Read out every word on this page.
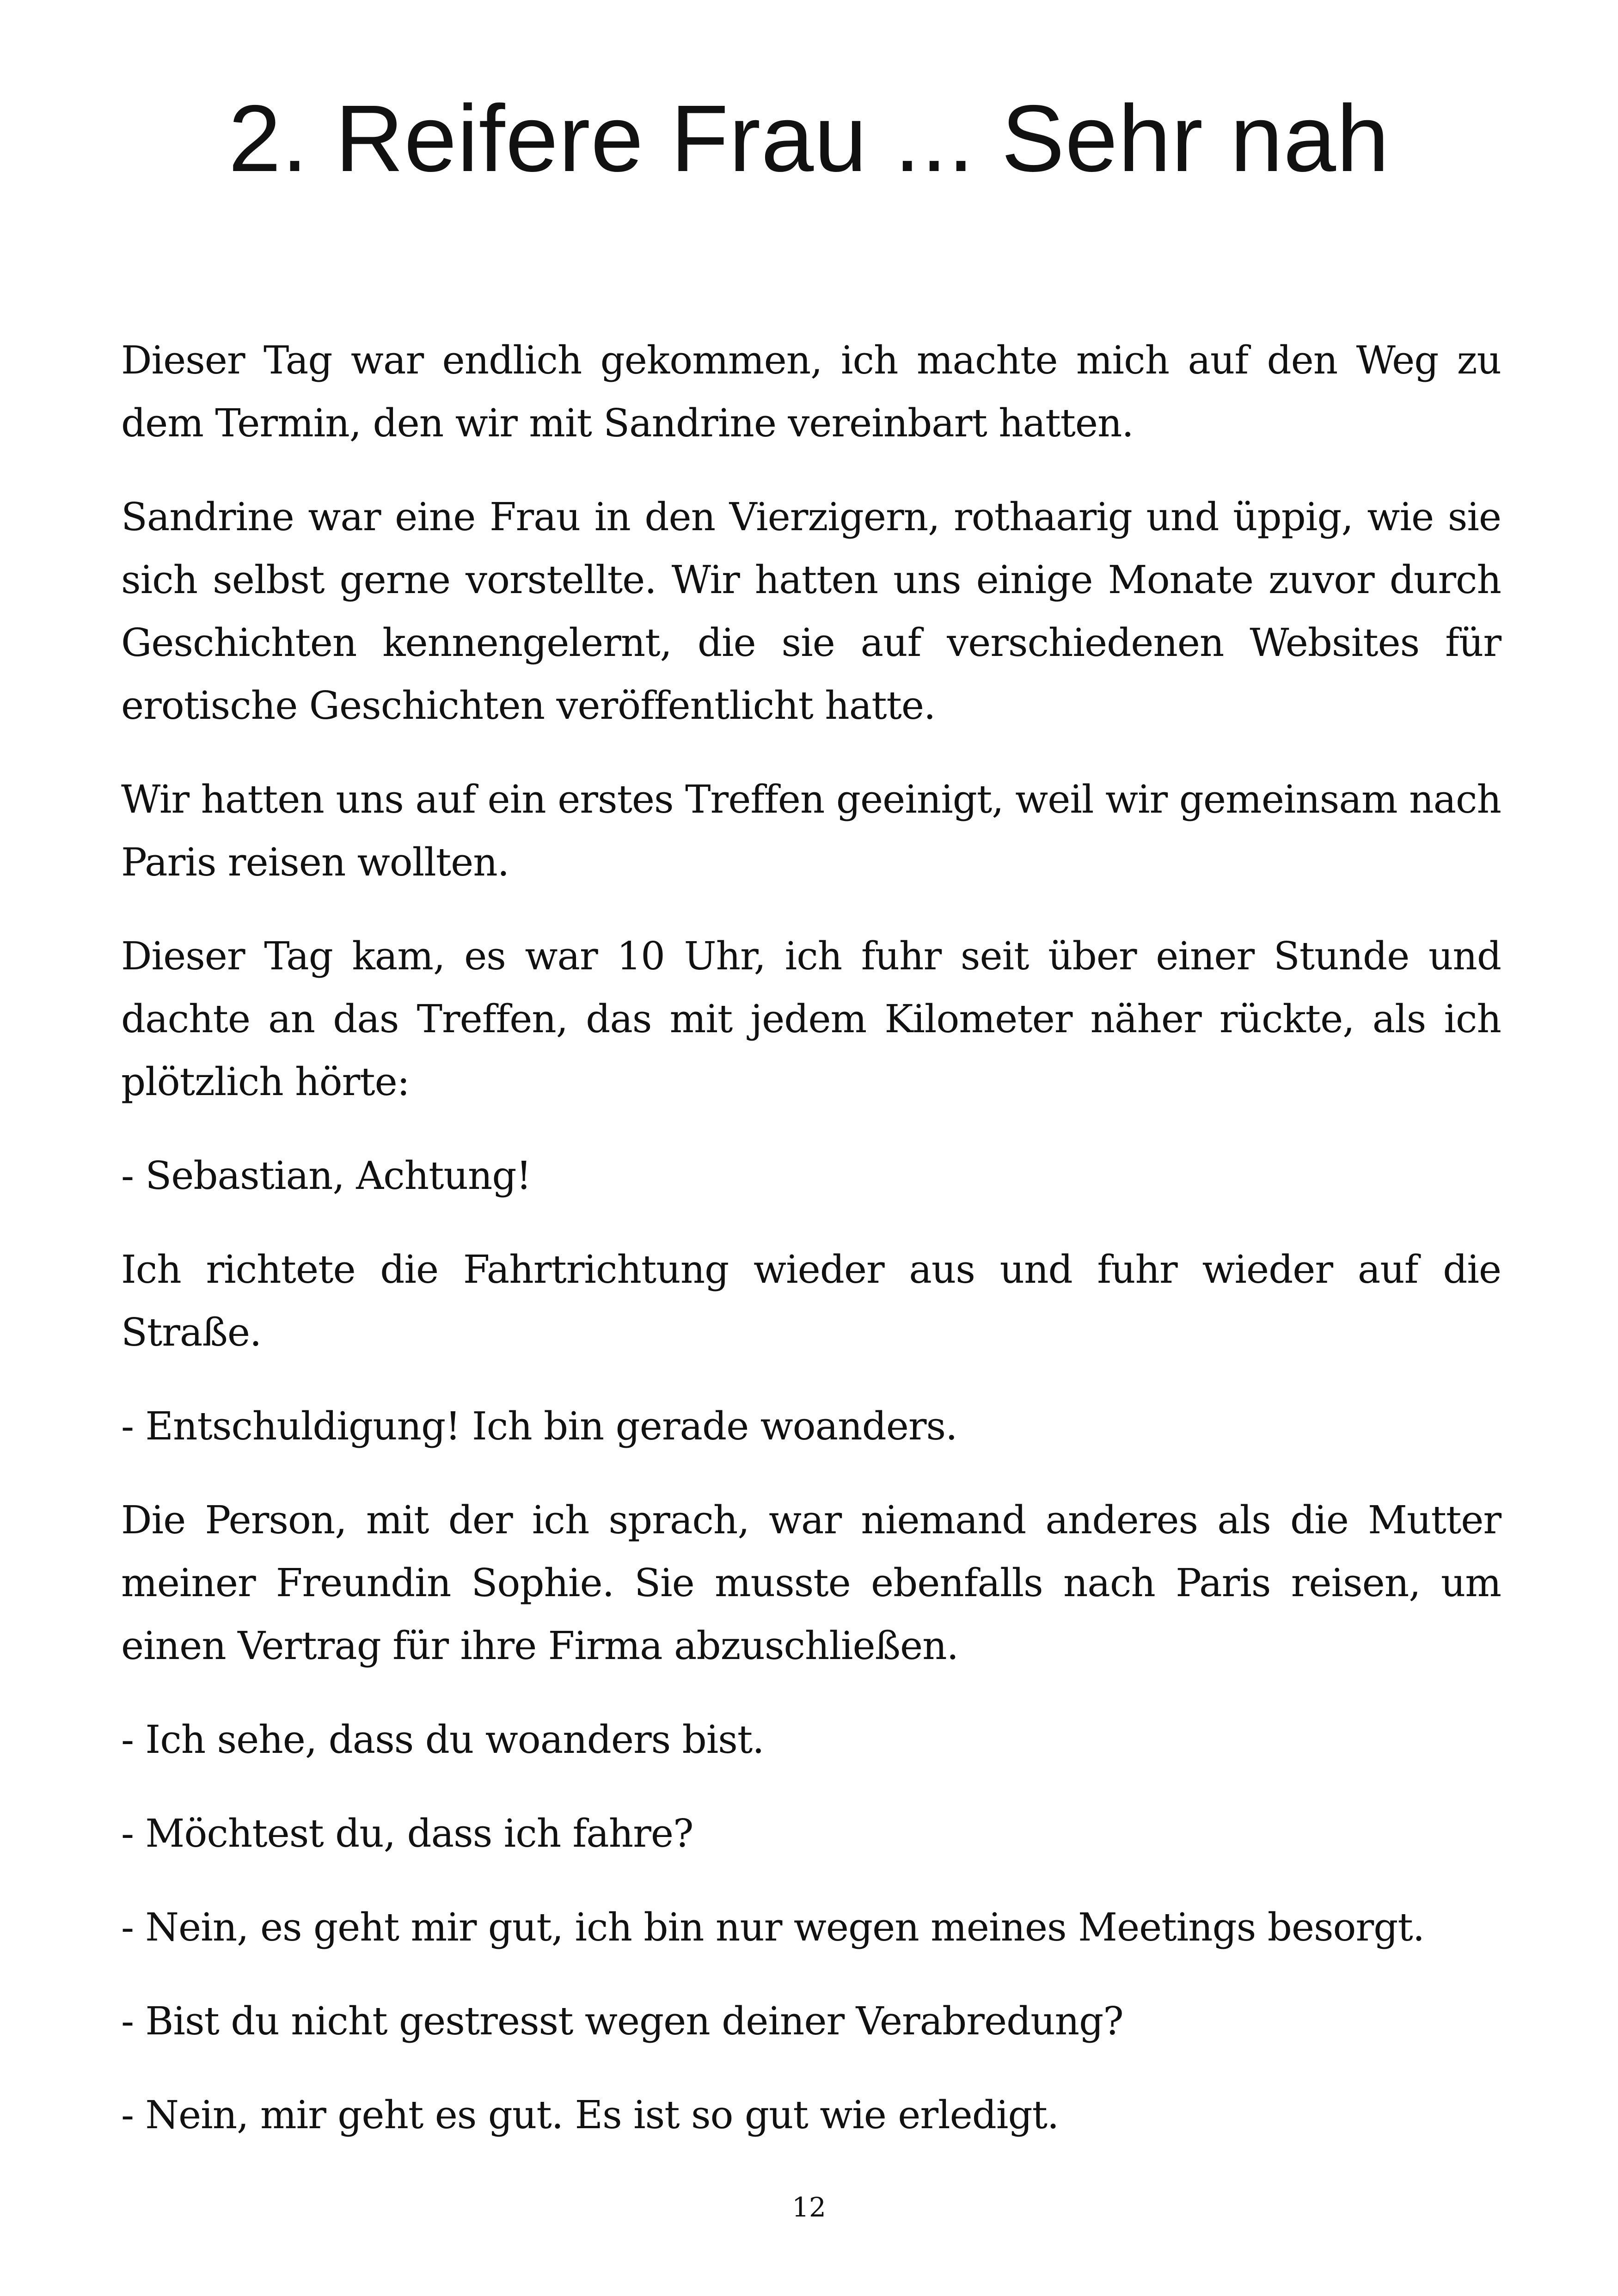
2. Reifere Frau ... Sehr nah

Dieser Tag war endlich gekommen, ich machte mich auf den Weg zu dem Termin, den wir mit Sandrine vereinbart hatten.

Sandrine war eine Frau in den Vierzigern, rothaarig und üppig, wie sie sich selbst gerne vorstellte. Wir hatten uns einige Monate zuvor durch Geschichten kennengelernt, die sie auf verschiedenen Websites für erotische Geschichten veröffentlicht hatte.

Wir hatten uns auf ein erstes Treffen geeinigt, weil wir gemeinsam nach Paris reisen wollten.

Dieser Tag kam, es war 10 Uhr, ich fuhr seit über einer Stunde und dachte an das Treffen, das mit jedem Kilometer näher rückte, als ich plötzlich hörte:

- Sebastian, Achtung!

Ich richtete die Fahrtrichtung wieder aus und fuhr wieder auf die Straße.

- Entschuldigung! Ich bin gerade woanders.

Die Person, mit der ich sprach, war niemand anderes als die Mutter meiner Freundin Sophie. Sie musste ebenfalls nach Paris reisen, um einen Vertrag für ihre Firma abzuschließen.

- Ich sehe, dass du woanders bist.

- Möchtest du, dass ich fahre?

- Nein, es geht mir gut, ich bin nur wegen meines Meetings besorgt.

- Bist du nicht gestresst wegen deiner Verabredung?

- Nein, mir geht es gut. Es ist so gut wie erledigt.

12
